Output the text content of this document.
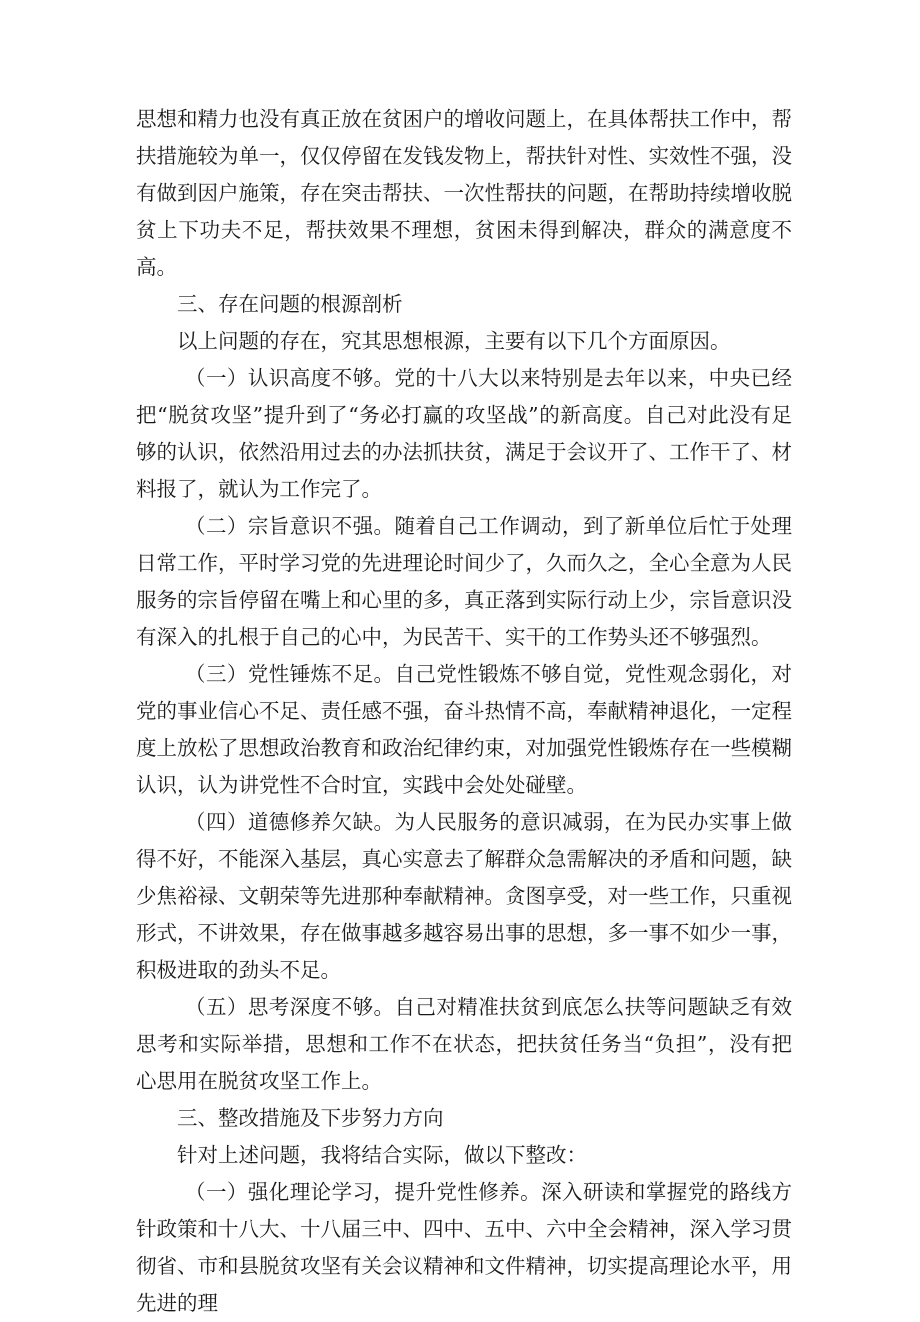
思想和精力也没有真正放在贫困户的增收问题上，在具体帮扶工作中，帮扶措施较为单一，仅仅停留在发钱发物上，帮扶针对性、实效性不强，没有做到因户施策，存在突击帮扶、一次性帮扶的问题，在帮助持续增收脱贫上下功夫不足，帮扶效果不理想，贫困未得到解决，群众的满意度不高。

三、存在问题的根源剖析

以上问题的存在，究其思想根源，主要有以下几个方面原因。

（一）认识高度不够。党的十八大以来特别是去年以来，中央已经把“脱贫攻坚”提升到了“务必打赢的攻坚战”的新高度。自己对此没有足够的认识，依然沿用过去的办法抓扶贫，满足于会议开了、工作干了、材料报了，就认为工作完了。

（二）宗旨意识不强。随着自己工作调动，到了新单位后忙于处理日常工作，平时学习党的先进理论时间少了，久而久之，全心全意为人民服务的宗旨停留在嘴上和心里的多，真正落到实际行动上少，宗旨意识没有深入的扎根于自己的心中，为民苦干、实干的工作势头还不够强烈。

（三）党性锤炼不足。自己党性锻炼不够自觉，党性观念弱化，对党的事业信心不足、责任感不强，奋斗热情不高，奉献精神退化，一定程度上放松了思想政治教育和政治纪律约束，对加强党性锻炼存在一些模糊认识，认为讲党性不合时宜，实践中会处处碰壁。

（四）道德修养欠缺。为人民服务的意识减弱，在为民办实事上做得不好，不能深入基层，真心实意去了解群众急需解决的矛盾和问题，缺少焦裕禄、文朝荣等先进那种奉献精神。贪图享受，对一些工作，只重视形式，不讲效果，存在做事越多越容易出事的思想，多一事不如少一事，积极进取的劲头不足。

（五）思考深度不够。自己对精准扶贫到底怎么扶等问题缺乏有效思考和实际举措，思想和工作不在状态，把扶贫任务当“负担”，没有把心思用在脱贫攻坚工作上。

三、整改措施及下步努力方向

针对上述问题，我将结合实际，做以下整改：

（一）强化理论学习，提升党性修养。深入研读和掌握党的路线方针政策和十八大、十八届三中、四中、五中、六中全会精神，深入学习贯彻省、市和县脱贫攻坚有关会议精神和文件精神，切实提高理论水平，用先进的理
